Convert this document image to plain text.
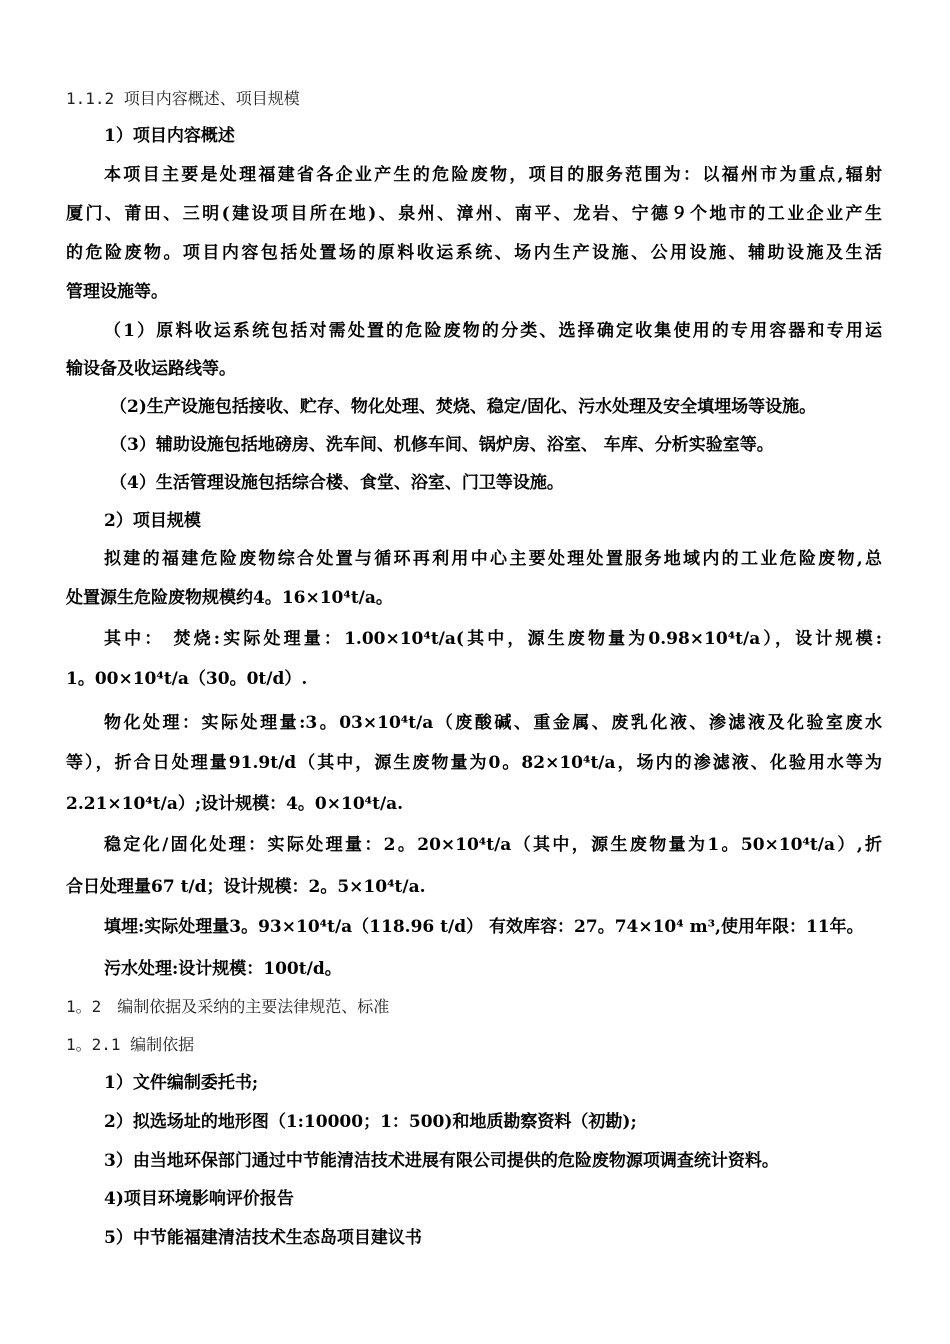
1.1.2 项目内容概述、项目规模
1）项目内容概述
本项目主要是处理福建省各企业产生的危险废物，项目的服务范围为：以福州市为重点,辐射
厦门、莆田、三明(建设项目所在地)、泉州、漳州、南平、龙岩、宁德９个地市的工业企业产生
的危险废物。项目内容包括处置场的原料收运系统、场内生产设施、公用设施、辅助设施及生活
管理设施等。
（1）原料收运系统包括对需处置的危险废物的分类、选择确定收集使用的专用容器和专用运
输设备及收运路线等。
（2)生产设施包括接收、贮存、物化处理、焚烧、稳定/固化、污水处理及安全填埋场等设施。
（3）辅助设施包括地磅房、洗车间、机修车间、锅炉房、浴室、 车库、分析实验室等。
（4）生活管理设施包括综合楼、食堂、浴室、门卫等设施。
2）项目规模
拟建的福建危险废物综合处置与循环再利用中心主要处理处置服务地域内的工业危险废物,总
处置源生危险废物规模约4。16×10⁴t/a。
其中： 焚烧:实际处理量：1.00×10⁴t/a(其中，源生废物量为0.98×10⁴t/a），设计规模:
1。00×10⁴t/a（30。0t/d）.
物化处理：实际处理量:3。03×10⁴t/a（废酸碱、重金属、废乳化液、渗滤液及化验室废水
等），折合日处理量91.9t/d（其中，源生废物量为0。82×10⁴t/a，场内的渗滤液、化验用水等为
2.21×10⁴t/a）;设计规模：4。0×10⁴t/a.
稳定化/固化处理：实际处理量：2。20×10⁴t/a（其中，源生废物量为1。50×10⁴t/a）,折
合日处理量67 t/d；设计规模：2。5×10⁴t/a.
填埋:实际处理量3。93×10⁴t/a（118.96 t/d） 有效库容：27。74×10⁴ m³,使用年限：11年。
污水处理:设计规模：100t/d。
1。2　编制依据及采纳的主要法律规范、标准
1。2.1 编制依据
1）文件编制委托书;
2）拟选场址的地形图（1:10000；1：500)和地质勘察资料（初勘);
3）由当地环保部门通过中节能清洁技术进展有限公司提供的危险废物源项调查统计资料。
4)项目环境影响评价报告
5）中节能福建清洁技术生态岛项目建议书
